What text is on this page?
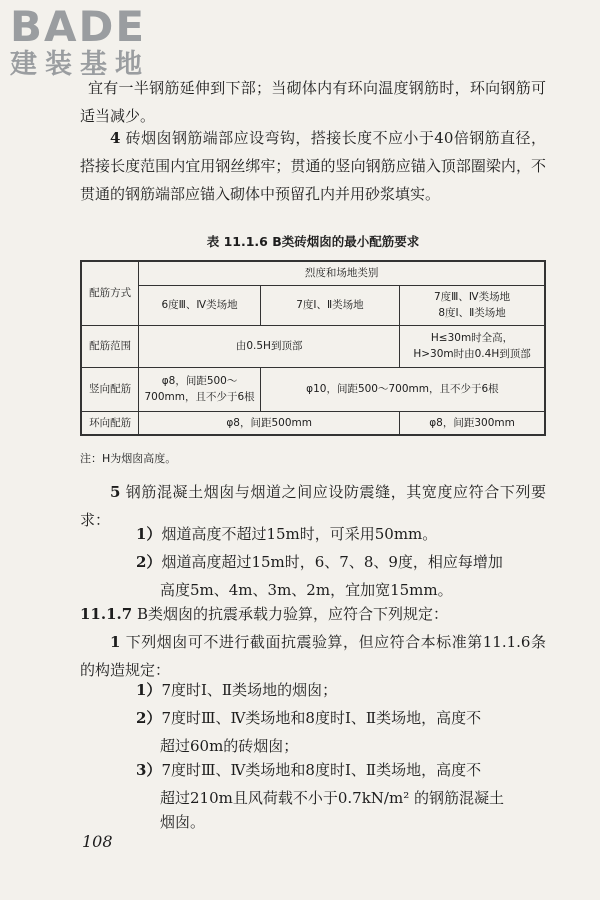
BADE
建装基地
宜有一半钢筋延伸到下部；当砌体内有环向温度钢筋时，环向钢筋可适当减少。
4 砖烟囱钢筋端部应设弯钩，搭接长度不应小于40倍钢筋直径，搭接长度范围内宜用钢丝绑牢；贯通的竖向钢筋应锚入顶部圈梁内，不贯通的钢筋端部应锚入砌体中预留孔内并用砂浆填实。
表 11.1.6 B类砖烟囱的最小配筋要求
配筋方式	烈度和场地类别		
	6度Ⅲ、Ⅳ类场地	7度Ⅰ、Ⅱ类场地	7度Ⅲ、Ⅳ类场地
8度Ⅰ、Ⅱ类场地

配筋范围	由0.5H到顶部		H≤30m时全高，
H>30m时由0.4H到顶部

竖向配筋	φ8，间距500～
700mm，且不少于6根	φ10，间距500～700mm，且不少于6根	
环向配筋	φ8，间距500mm		φ8，间距300mm
注：H为烟囱高度。
5 钢筋混凝土烟囱与烟道之间应设防震缝，其宽度应符合下列要求：
1）烟道高度不超过15m时，可采用50mm。
2）烟道高度超过15m时，6、7、8、9度，相应每增加
高度5m、4m、3m、2m，宜加宽15mm。
11.1.7 B类烟囱的抗震承载力验算，应符合下列规定：
1 下列烟囱可不进行截面抗震验算，但应符合本标准第11.1.6条的构造规定：
1）7度时Ⅰ、Ⅱ类场地的烟囱；
2）7度时Ⅲ、Ⅳ类场地和8度时Ⅰ、Ⅱ类场地，高度不
超过60m的砖烟囱；
3）7度时Ⅲ、Ⅳ类场地和8度时Ⅰ、Ⅱ类场地，高度不
超过210m且风荷载不小于0.7kN/m² 的钢筋混凝土
烟囱。
108
